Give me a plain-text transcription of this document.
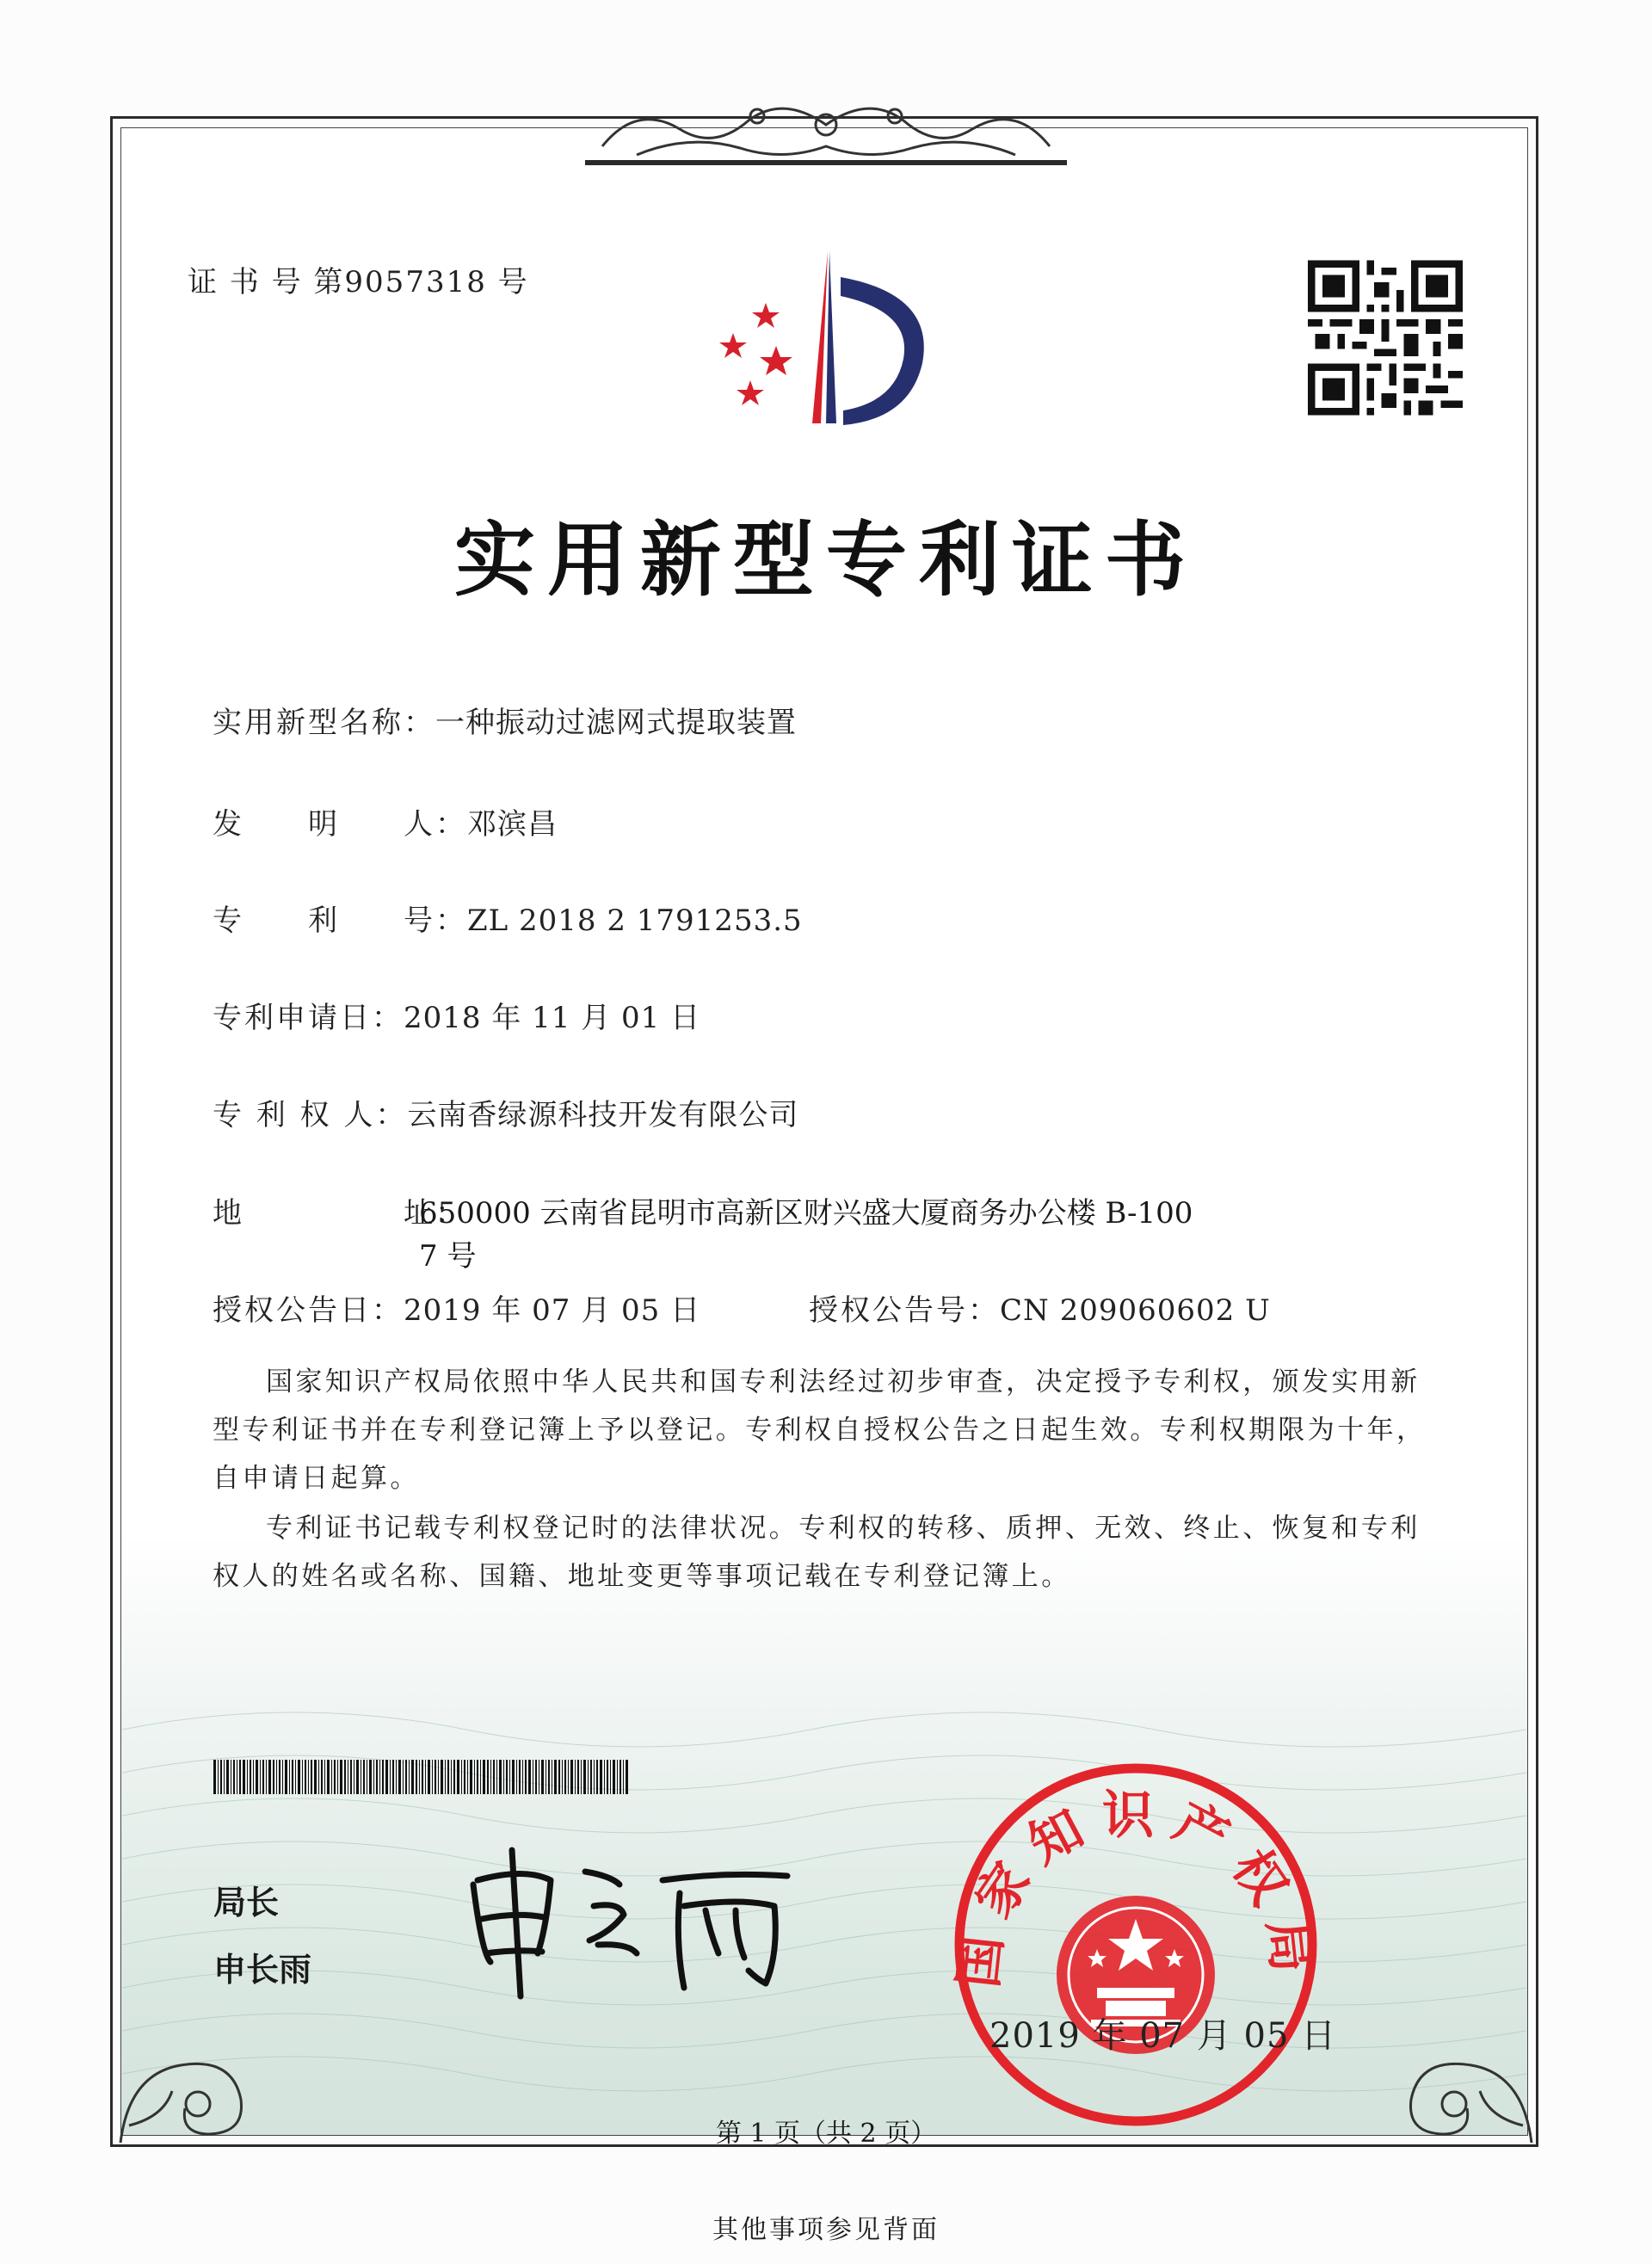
证 书 号 第9057318 号
实用新型专利证书
实用新型名称：一种振动过滤网式提取装置
发　　明　　人：邓滨昌
专　　利　　号：ZL 2018 2 1791253.5
专利申请日：2018 年 11 月 01 日
专 利 权 人：云南香绿源科技开发有限公司
地　　　　　址：
650000 云南省昆明市高新区财兴盛大厦商务办公楼 B-100
7 号
授权公告日：2019 年 07 月 05 日	授权公告号：CN 209060602 U
国家知识产权局依照中华人民共和国专利法经过初步审查，决定授予专利权，颁发实用新型专利证书并在专利登记簿上予以登记。专利权自授权公告之日起生效。专利权期限为十年，自申请日起算。
专利证书记载专利权登记时的法律状况。专利权的转移、质押、无效、终止、恢复和专利权人的姓名或名称、国籍、地址变更等事项记载在专利登记簿上。
局长
申长雨	国家知识产权局
2019 年 07 月 05 日
第 1 页（共 2 页）
其他事项参见背面
